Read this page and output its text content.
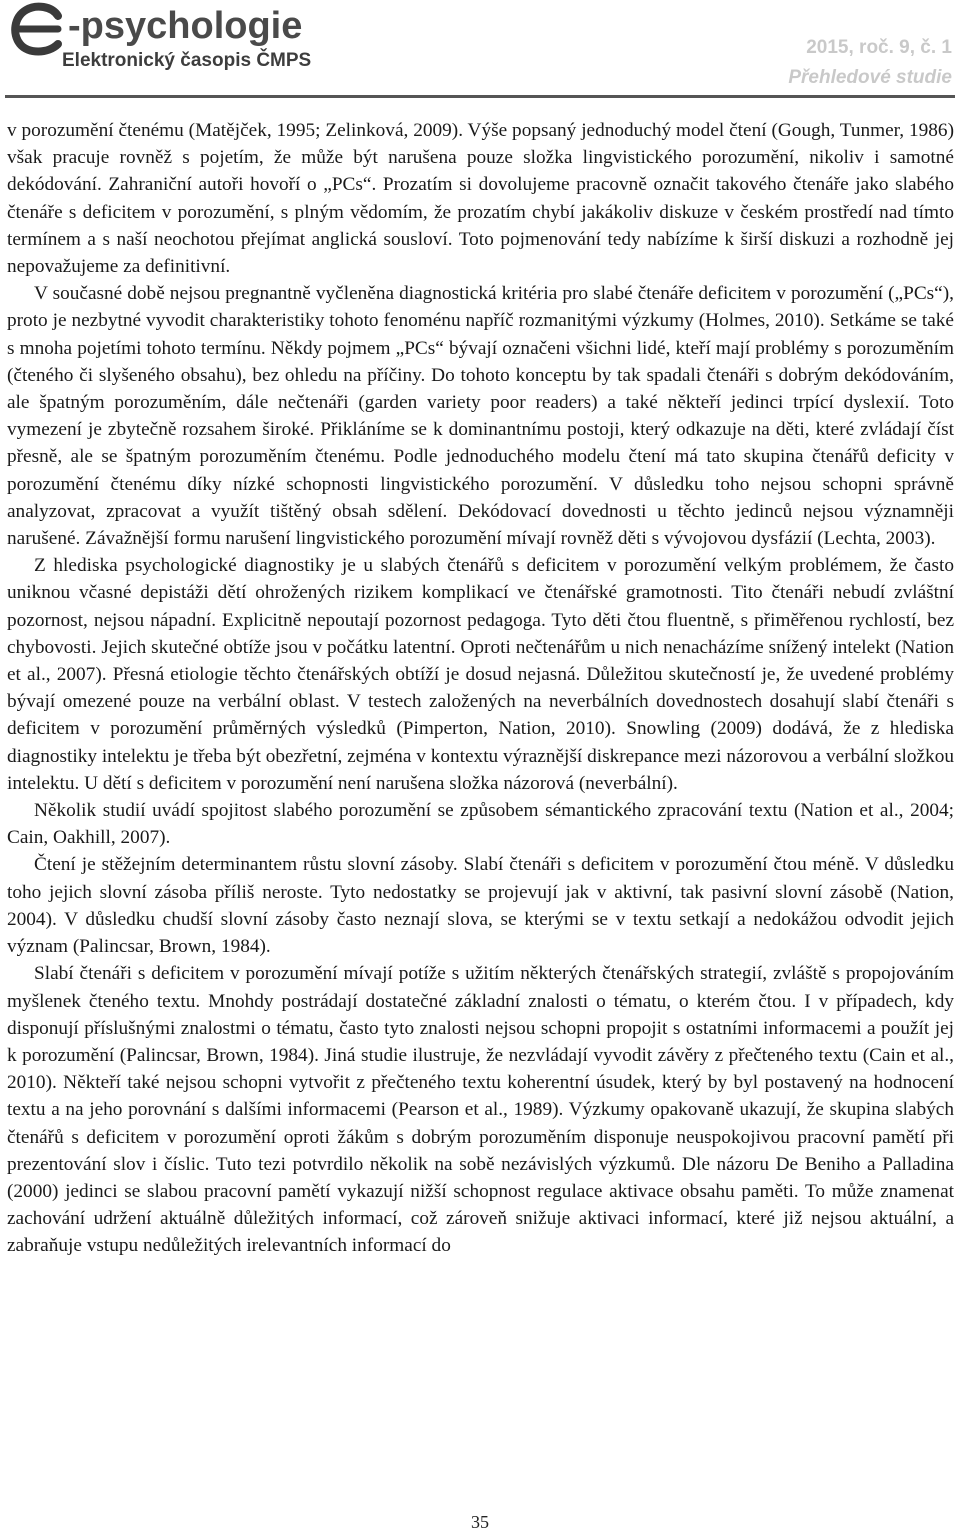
-psychologie
Elektronický časopis ČMPS
2015, roč. 9, č. 1
Přehledové studie

v porozumění čtenému (Matějček, 1995; Zelinková, 2009). Výše popsaný jednoduchý model čtení (Gough, Tunmer, 1986) však pracuje rovněž s pojetím, že může být narušena pouze složka lingvistického porozumění, nikoliv i samotné dekódování. Zahraniční autoři hovoří o „PCs“. Prozatím si dovolujeme pracovně označit takového čtenáře jako slabého čtenáře s deficitem v porozumění, s plným vědomím, že prozatím chybí jakákoliv diskuze v českém prostředí nad tímto termínem a s naší neochotou přejímat anglická sousloví. Toto pojmenování tedy nabízíme k širší diskuzi a rozhodně jej nepovažujeme za definitivní.

V současné době nejsou pregnantně vyčleněna diagnostická kritéria pro slabé čtenáře deficitem v porozumění („PCs“), proto je nezbytné vyvodit charakteristiky tohoto fenoménu napříč rozmanitými výzkumy (Holmes, 2010). Setkáme se také s mnoha pojetími tohoto termínu. Někdy pojmem „PCs“ bývají označeni všichni lidé, kteří mají problémy s porozuměním (čteného či slyšeného obsahu), bez ohledu na příčiny. Do tohoto konceptu by tak spadali čtenáři s dobrým dekódováním, ale špatným porozuměním, dále nečtenáři (garden variety poor readers) a také někteří jedinci trpící dyslexií. Toto vymezení je zbytečně rozsahem široké. Přikláníme se k dominantnímu postoji, který odkazuje na děti, které zvládají číst přesně, ale se špatným porozuměním čtenému. Podle jednoduchého modelu čtení má tato skupina čtenářů deficity v porozumění čtenému díky nízké schopnosti lingvistického porozumění. V důsledku toho nejsou schopni správně analyzovat, zpracovat a využít tištěný obsah sdělení. Dekódovací dovednosti u těchto jedinců nejsou významněji narušené. Závažnější formu narušení lingvistického porozumění mívají rovněž děti s vývojovou dysfázií (Lechta, 2003).

Z hlediska psychologické diagnostiky je u slabých čtenářů s deficitem v porozumění velkým problémem, že často uniknou včasné depistáži dětí ohrožených rizikem komplikací ve čtenářské gramotnosti. Tito čtenáři nebudí zvláštní pozornost, nejsou nápadní. Explicitně nepoutají pozornost pedagoga. Tyto děti čtou fluentně, s přiměřenou rychlostí, bez chybovosti. Jejich skutečné obtíže jsou v počátku latentní. Oproti nečtenářům u nich nenacházíme snížený intelekt (Nation et al., 2007). Přesná etiologie těchto čtenářských obtíží je dosud nejasná. Důležitou skutečností je, že uvedené problémy bývají omezené pouze na verbální oblast. V testech založených na neverbálních dovednostech dosahují slabí čtenáři s deficitem v porozumění průměrných výsledků (Pimperton, Nation, 2010). Snowling (2009) dodává, že z hlediska diagnostiky intelektu je třeba být obezřetní, zejména v kontextu výraznější diskrepance mezi názorovou a verbální složkou intelektu. U dětí s deficitem v porozumění není narušena složka názorová (neverbální).

Několik studií uvádí spojitost slabého porozumění se způsobem sémantického zpracování textu (Nation et al., 2004; Cain, Oakhill, 2007).

Čtení je stěžejním determinantem růstu slovní zásoby. Slabí čtenáři s deficitem v porozumění čtou méně. V důsledku toho jejich slovní zásoba příliš neroste. Tyto nedostatky se projevují jak v aktivní, tak pasivní slovní zásobě (Nation, 2004). V důsledku chudší slovní zásoby často neznají slova, se kterými se v textu setkají a nedokážou odvodit jejich význam (Palincsar, Brown, 1984).

Slabí čtenáři s deficitem v porozumění mívají potíže s užitím některých čtenářských strategií, zvláště s propojováním myšlenek čteného textu. Mnohdy postrádají dostatečné základní znalosti o tématu, o kterém čtou. I v případech, kdy disponují příslušnými znalostmi o tématu, často tyto znalosti nejsou schopni propojit s ostatními informacemi a použít jej k porozumění (Palincsar, Brown, 1984). Jiná studie ilustruje, že nezvládají vyvodit závěry z přečteného textu (Cain et al., 2010). Někteří také nejsou schopni vytvořit z přečteného textu koherentní úsudek, který by byl postavený na hodnocení textu a na jeho porovnání s dalšími informacemi (Pearson et al., 1989). Výzkumy opakovaně ukazují, že skupina slabých čtenářů s deficitem v porozumění oproti žákům s dobrým porozuměním disponuje neuspokojivou pracovní pamětí při prezentování slov i číslic. Tuto tezi potvrdilo několik na sobě nezávislých výzkumů. Dle názoru De Beniho a Palladina (2000) jedinci se slabou pracovní pamětí vykazují nižší schopnost regulace aktivace obsahu paměti. To může znamenat zachování udržení aktuálně důležitých informací, což zároveň snižuje aktivaci informací, které již nejsou aktuální, a zabraňuje vstupu nedůležitých irelevantních informací do

35
